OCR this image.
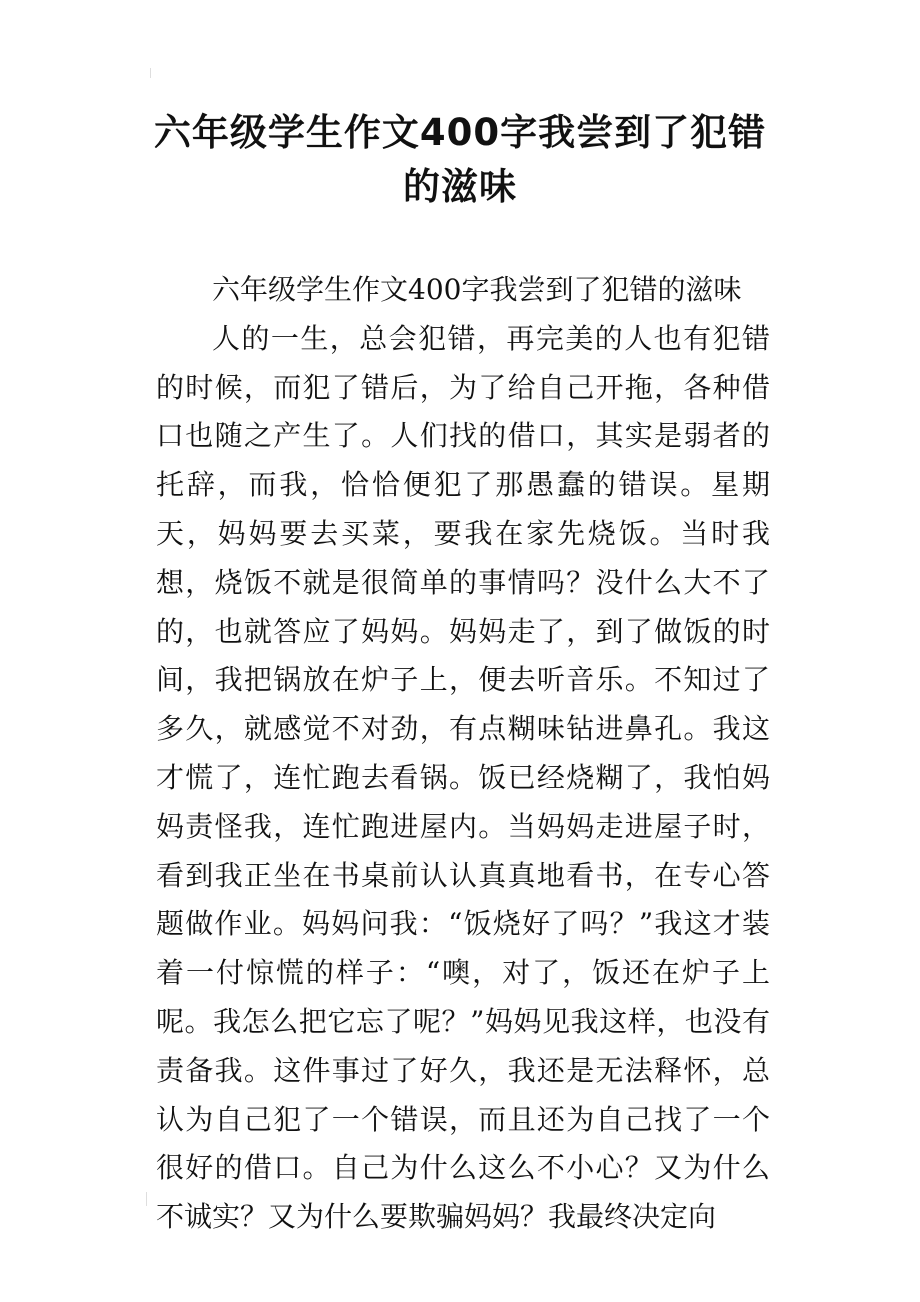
六年级学生作文400字我尝到了犯错
的滋味

六年级学生作文400字我尝到了犯错的滋味

人的一生，总会犯错，再完美的人也有犯错的时候，而犯了错后，为了给自己开拖，各种借口也随之产生了。人们找的借口，其实是弱者的托辞，而我，恰恰便犯了那愚蠢的错误。星期天，妈妈要去买菜，要我在家先烧饭。当时我想，烧饭不就是很简单的事情吗？没什么大不了的，也就答应了妈妈。妈妈走了，到了做饭的时间，我把锅放在炉子上，便去听音乐。不知过了多久，就感觉不对劲，有点糊味钻进鼻孔。我这才慌了，连忙跑去看锅。饭已经烧糊了，我怕妈妈责怪我，连忙跑进屋内。当妈妈走进屋子时，看到我正坐在书桌前认认真真地看书，在专心答题做作业。妈妈问我：“饭烧好了吗？”我这才装着一付惊慌的样子：“噢，对了，饭还在炉子上呢。我怎么把它忘了呢？”妈妈见我这样，也没有责备我。这件事过了好久，我还是无法释怀，总认为自己犯了一个错误，而且还为自己找了一个很好的借口。自己为什么这么不小心？又为什么不诚实？又为什么要欺骗妈妈？我最终决定向
